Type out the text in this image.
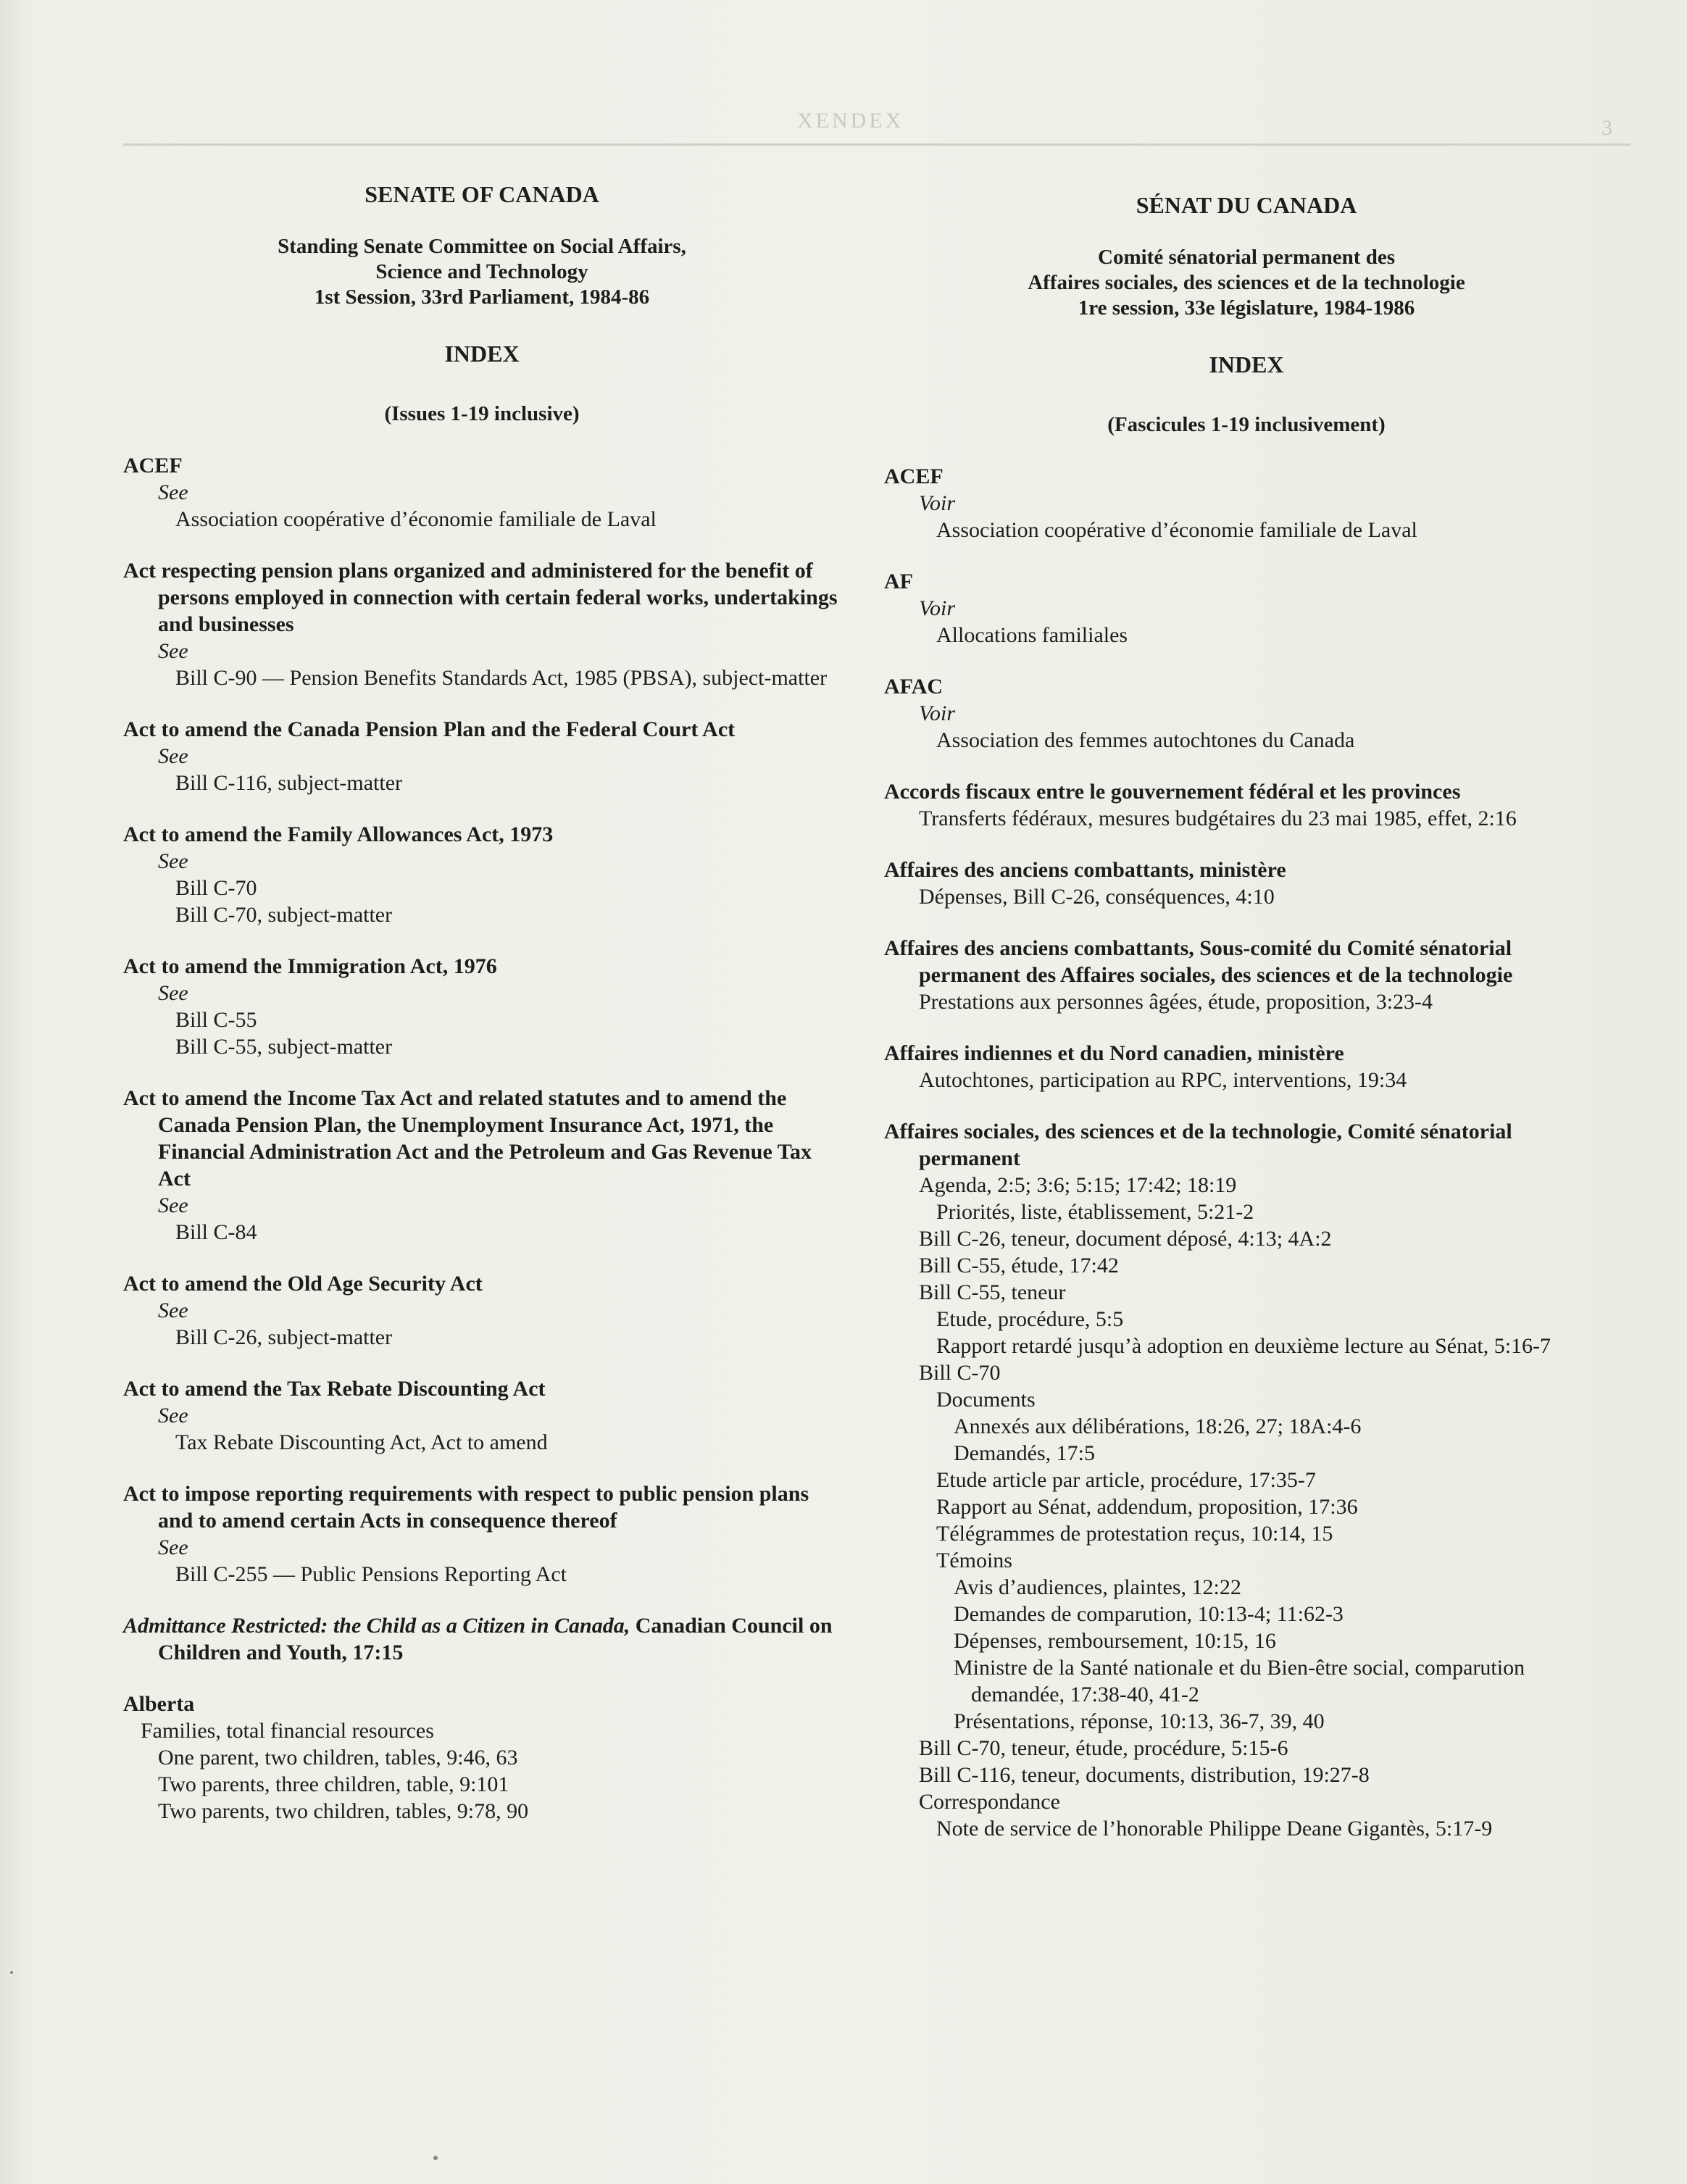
XENDEX	3
SENATE OF CANADA
Standing Senate Committee on Social Affairs,
Science and Technology
1st Session, 33rd Parliament, 1984-86
INDEX
(Issues 1-19 inclusive)
ACEF
See
Association coopérative d’économie familiale de Laval
Act respecting pension plans organized and administered for the benefit of persons employed in connection with certain federal works, undertakings and businesses
See
Bill C-90 — Pension Benefits Standards Act, 1985 (PBSA), subject-matter
Act to amend the Canada Pension Plan and the Federal Court Act
See
Bill C-116, subject-matter
Act to amend the Family Allowances Act, 1973
See
Bill C-70
Bill C-70, subject-matter
Act to amend the Immigration Act, 1976
See
Bill C-55
Bill C-55, subject-matter
Act to amend the Income Tax Act and related statutes and to amend the Canada Pension Plan, the Unemployment Insurance Act, 1971, the Financial Administration Act and the Petroleum and Gas Revenue Tax Act
See
Bill C-84
Act to amend the Old Age Security Act
See
Bill C-26, subject-matter
Act to amend the Tax Rebate Discounting Act
See
Tax Rebate Discounting Act, Act to amend
Act to impose reporting requirements with respect to public pension plans and to amend certain Acts in consequence thereof
See
Bill C-255 — Public Pensions Reporting Act
Admittance Restricted: the Child as a Citizen in Canada, Canadian Council on Children and Youth, 17:15
Alberta
Families, total financial resources
One parent, two children, tables, 9:46, 63
Two parents, three children, table, 9:101
Two parents, two children, tables, 9:78, 90
SÉNAT DU CANADA
Comité sénatorial permanent des
Affaires sociales, des sciences et de la technologie
1re session, 33e législature, 1984-1986
INDEX
(Fascicules 1-19 inclusivement)
ACEF
Voir
Association coopérative d’économie familiale de Laval
AF
Voir
Allocations familiales
AFAC
Voir
Association des femmes autochtones du Canada
Accords fiscaux entre le gouvernement fédéral et les provinces
Transferts fédéraux, mesures budgétaires du 23 mai 1985, effet, 2:16
Affaires des anciens combattants, ministère
Dépenses, Bill C-26, conséquences, 4:10
Affaires des anciens combattants, Sous-comité du Comité sénatorial permanent des Affaires sociales, des sciences et de la technologie
Prestations aux personnes âgées, étude, proposition, 3:23-4
Affaires indiennes et du Nord canadien, ministère
Autochtones, participation au RPC, interventions, 19:34
Affaires sociales, des sciences et de la technologie, Comité sénatorial permanent
Agenda, 2:5; 3:6; 5:15; 17:42; 18:19
Priorités, liste, établissement, 5:21-2
Bill C-26, teneur, document déposé, 4:13; 4A:2
Bill C-55, étude, 17:42
Bill C-55, teneur
Etude, procédure, 5:5
Rapport retardé jusqu’à adoption en deuxième lecture au Sénat, 5:16-7
Bill C-70
Documents
Annexés aux délibérations, 18:26, 27; 18A:4-6
Demandés, 17:5
Etude article par article, procédure, 17:35-7
Rapport au Sénat, addendum, proposition, 17:36
Télégrammes de protestation reçus, 10:14, 15
Témoins
Avis d’audiences, plaintes, 12:22
Demandes de comparution, 10:13-4; 11:62-3
Dépenses, remboursement, 10:15, 16
Ministre de la Santé nationale et du Bien-être social, comparution demandée, 17:38-40, 41-2
Présentations, réponse, 10:13, 36-7, 39, 40
Bill C-70, teneur, étude, procédure, 5:15-6
Bill C-116, teneur, documents, distribution, 19:27-8
Correspondance
Note de service de l’honorable Philippe Deane Gigantès, 5:17-9
